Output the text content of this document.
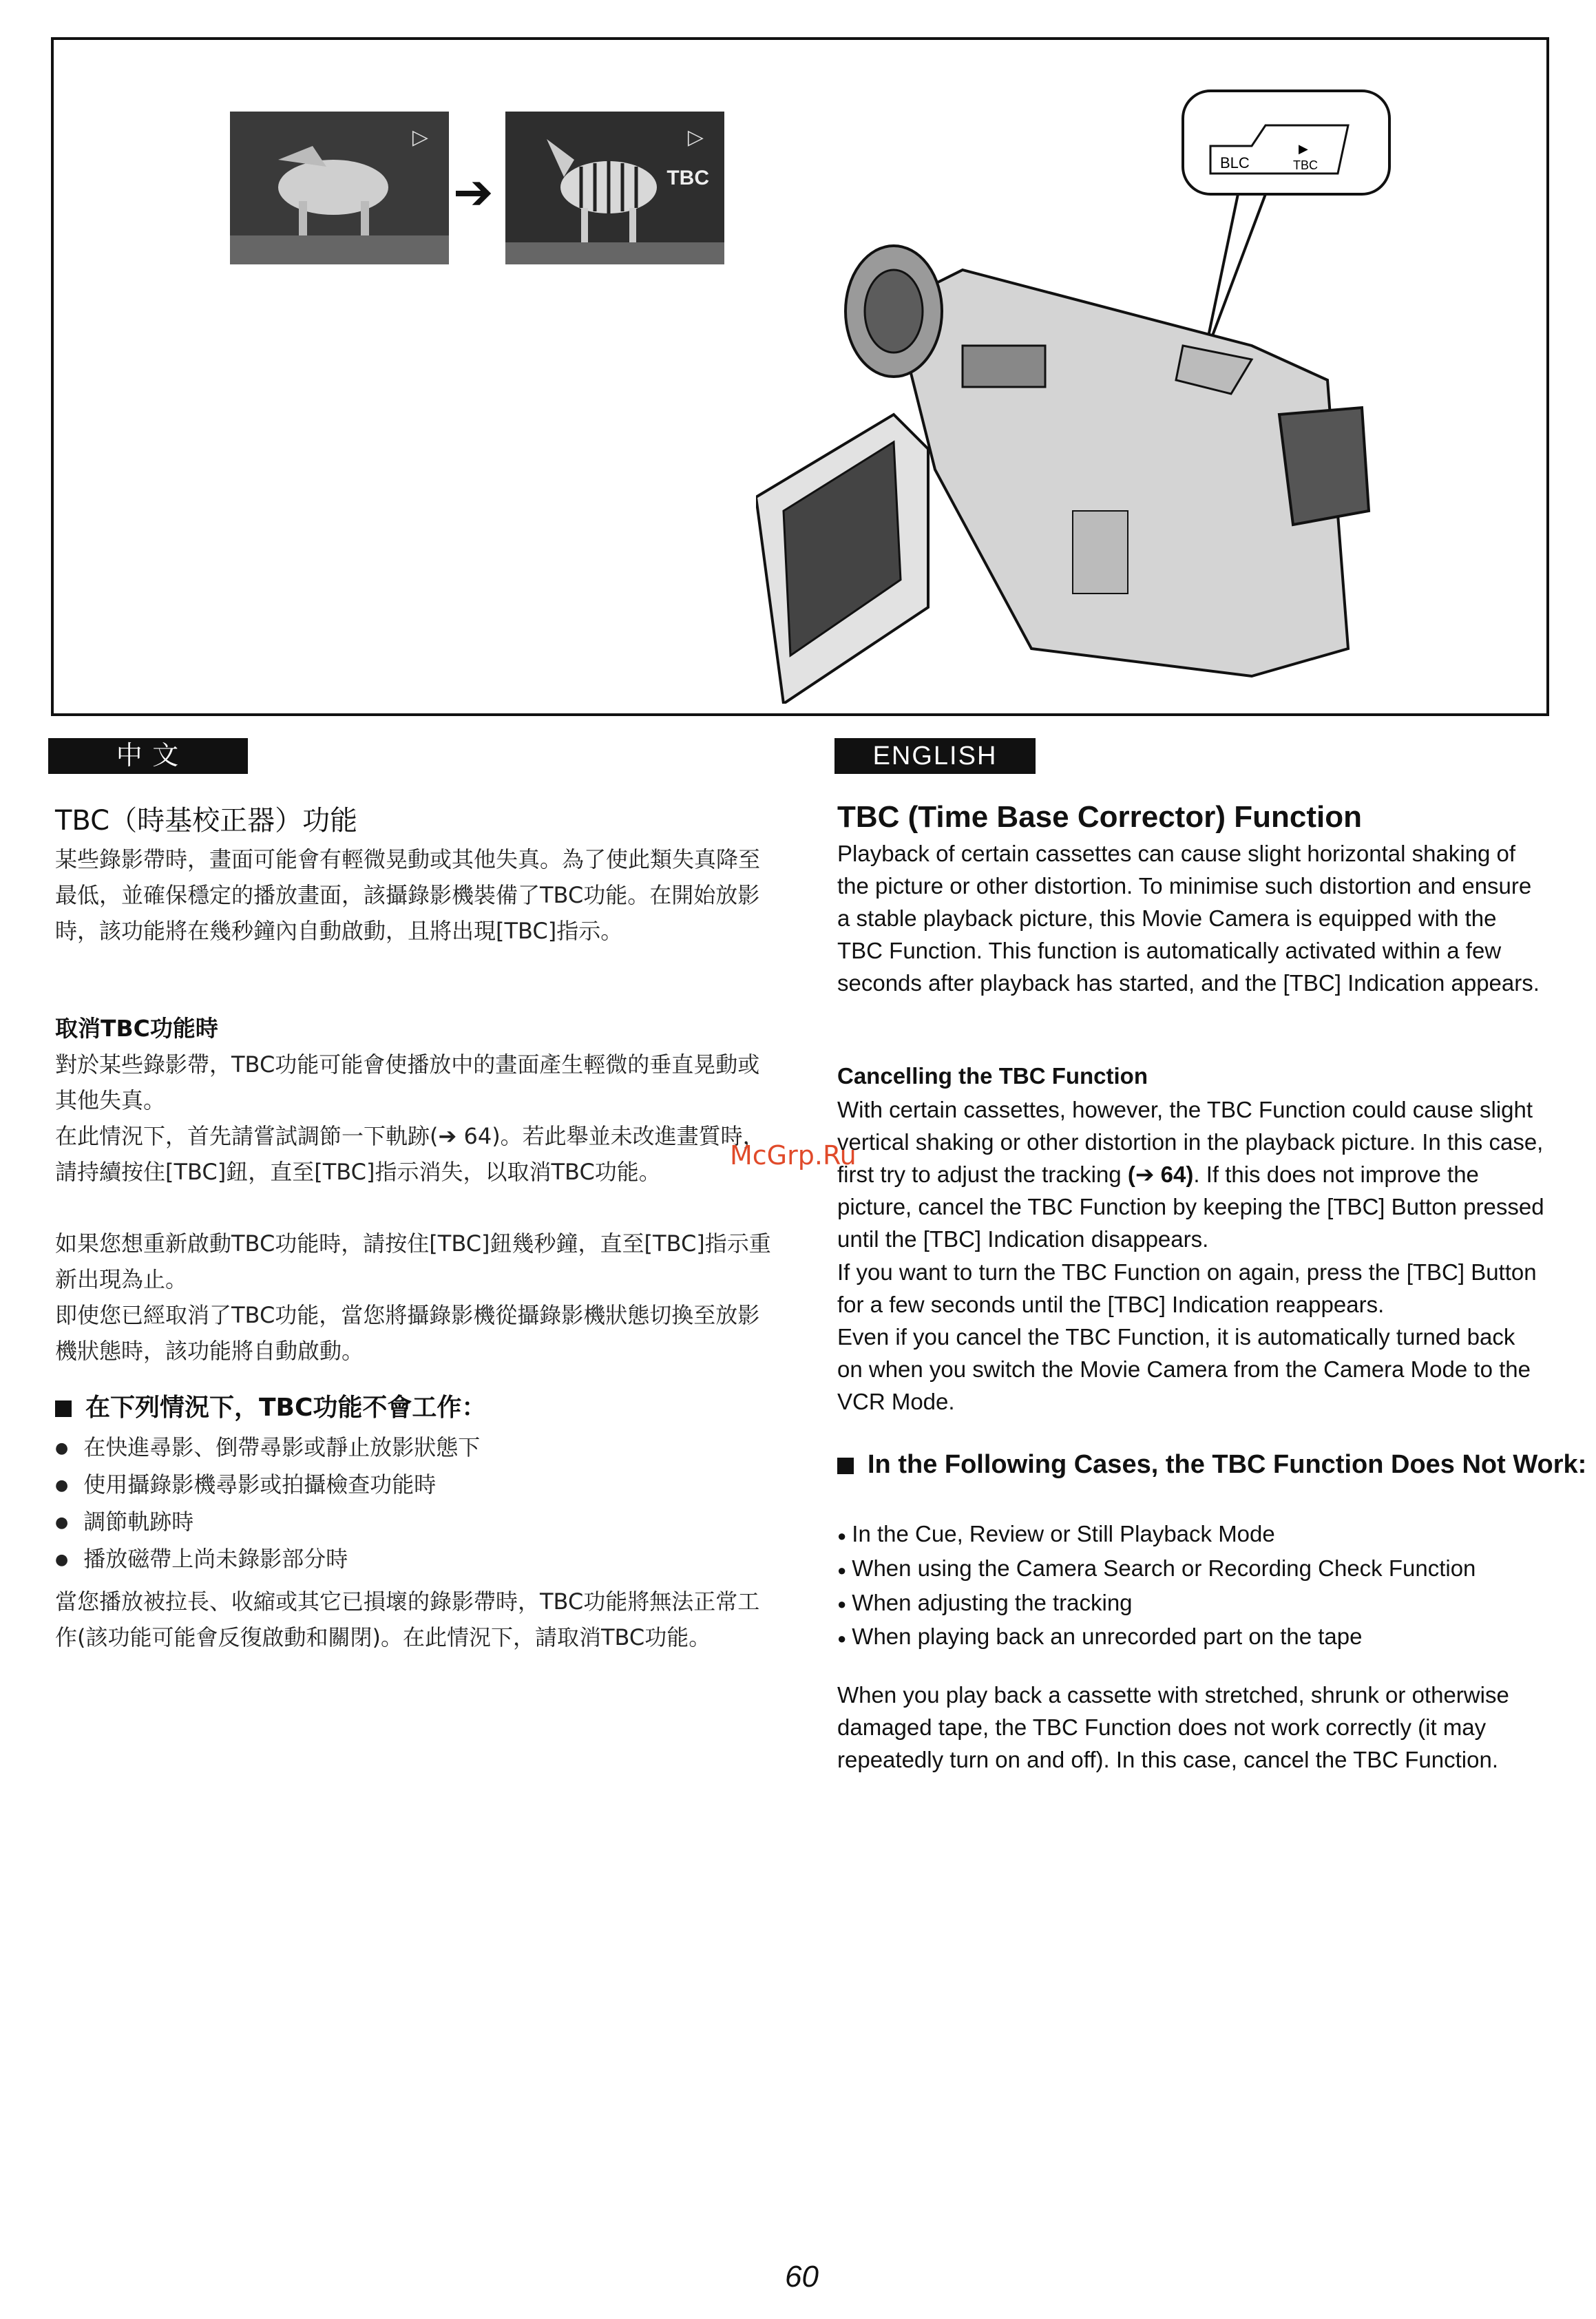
▷
➔
▷
TBC
BLC
▶
TBC
中 文	ENGLISH
TBC（時基校正器）功能

某些錄影帶時，畫面可能會有輕微晃動或其他失真。為了使此類失真降至最低，並確保穩定的播放畫面，該攝錄影機裝備了TBC功能。在開始放影時，該功能將在幾秒鐘內自動啟動，且將出現[TBC]指示。

取消TBC功能時

對於某些錄影帶，TBC功能可能會使播放中的畫面產生輕微的垂直晃動或其他失真。

在此情況下，首先請嘗試調節一下軌跡(➔ 64)。若此舉並未改進畫質時，請持續按住[TBC]鈕，直至[TBC]指示消失，以取消TBC功能。

如果您想重新啟動TBC功能時，請按住[TBC]鈕幾秒鐘，直至[TBC]指示重新出現為止。

即使您已經取消了TBC功能，當您將攝錄影機從攝錄影機狀態切換至放影機狀態時，該功能將自動啟動。

在下列情況下，TBC功能不會工作：
● 在快進尋影、倒帶尋影或靜止放影狀態下
● 使用攝錄影機尋影或拍攝檢查功能時
● 調節軌跡時
● 播放磁帶上尚未錄影部分時

當您播放被拉長、收縮或其它已損壞的錄影帶時，TBC功能將無法正常工作(該功能可能會反復啟動和關閉)。在此情況下，請取消TBC功能。

TBC (Time Base Corrector) Function

Playback of certain cassettes can cause slight horizontal shaking of the picture or other distortion. To minimise such distortion and ensure a stable playback picture, this Movie Camera is equipped with the TBC Function. This function is automatically activated within a few seconds after playback has started, and the [TBC] Indication appears.

Cancelling the TBC Function

With certain cassettes, however, the TBC Function could cause slight vertical shaking or other distortion in the playback picture. In this case, first try to adjust the tracking (➔ 64). If this does not improve the picture, cancel the TBC Function by keeping the [TBC] Button pressed until the [TBC] Indication disappears.

If you want to turn the TBC Function on again, press the [TBC] Button for a few seconds until the [TBC] Indication reappears.

Even if you cancel the TBC Function, it is automatically turned back on when you switch the Movie Camera from the Camera Mode to the VCR Mode.

In the Following Cases, the TBC Function Does Not Work:
● In the Cue, Review or Still Playback Mode
● When using the Camera Search or Recording Check Function
● When adjusting the tracking
● When playing back an unrecorded part on the tape

When you play back a cassette with stretched, shrunk or otherwise damaged tape, the TBC Function does not work correctly (it may repeatedly turn on and off). In this case, cancel the TBC Function.

McGrp.Ru
60
